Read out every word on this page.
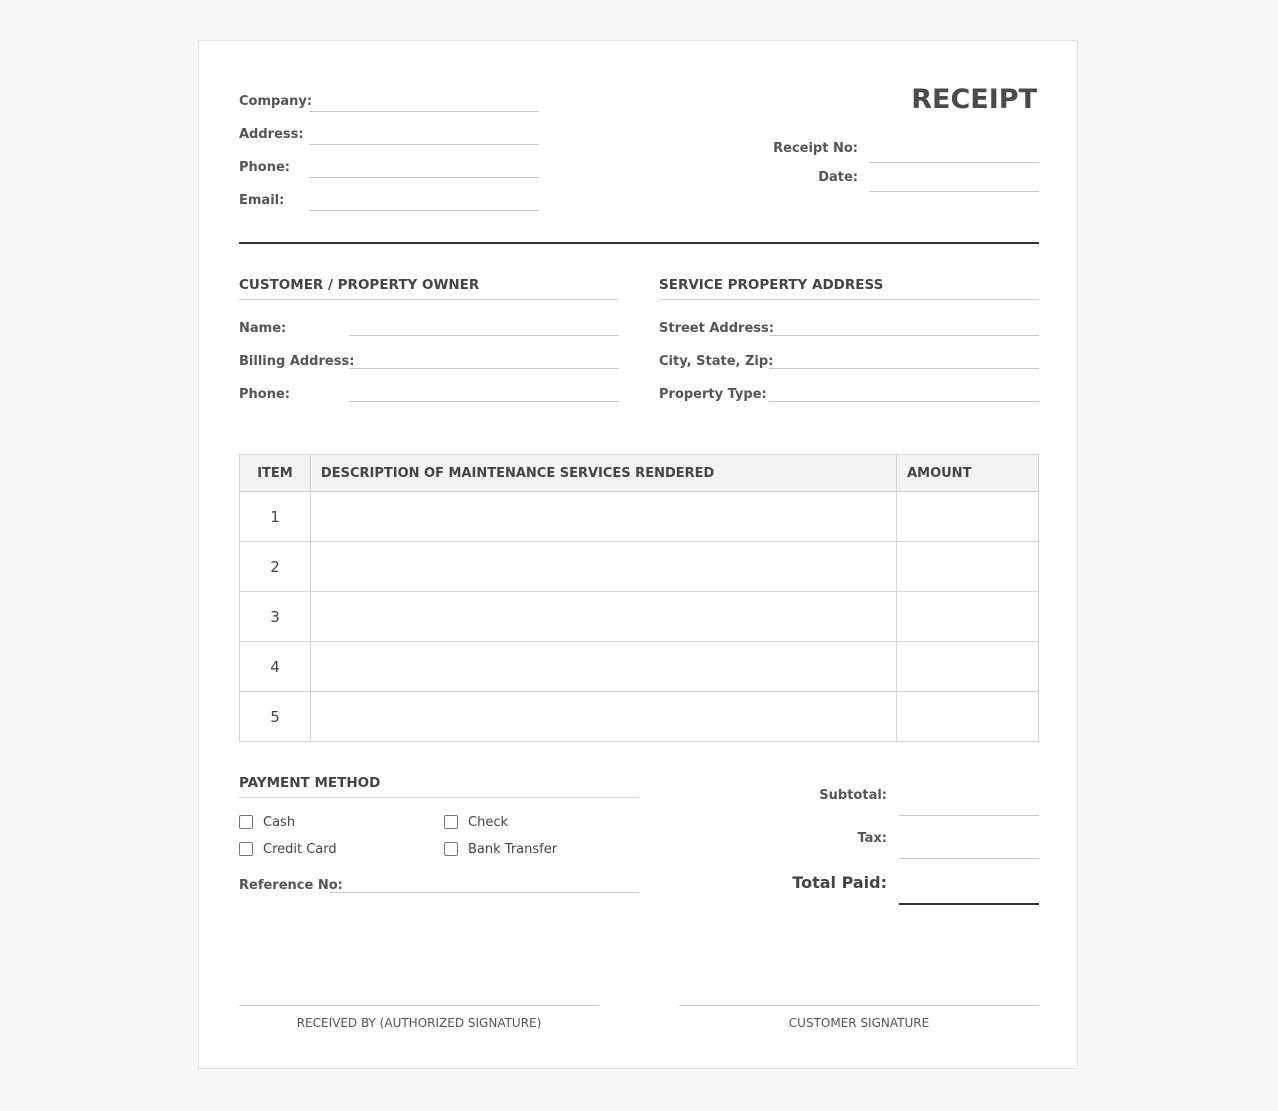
Company:
Address:
Phone:
Email:
RECEIPT
Receipt No:
Date:
CUSTOMER / PROPERTY OWNER
Name:
Billing Address:
Phone:
SERVICE PROPERTY ADDRESS
Street Address:
City, State, Zip:
Property Type:
ITEM	DESCRIPTION OF MAINTENANCE SERVICES RENDERED	AMOUNT
1		
2		
3		
4		
5		
PAYMENT METHOD
Cash	Check
Credit Card	Bank Transfer
Reference No:
Subtotal:
Tax:
Total Paid:
RECEIVED BY (AUTHORIZED SIGNATURE)	CUSTOMER SIGNATURE
